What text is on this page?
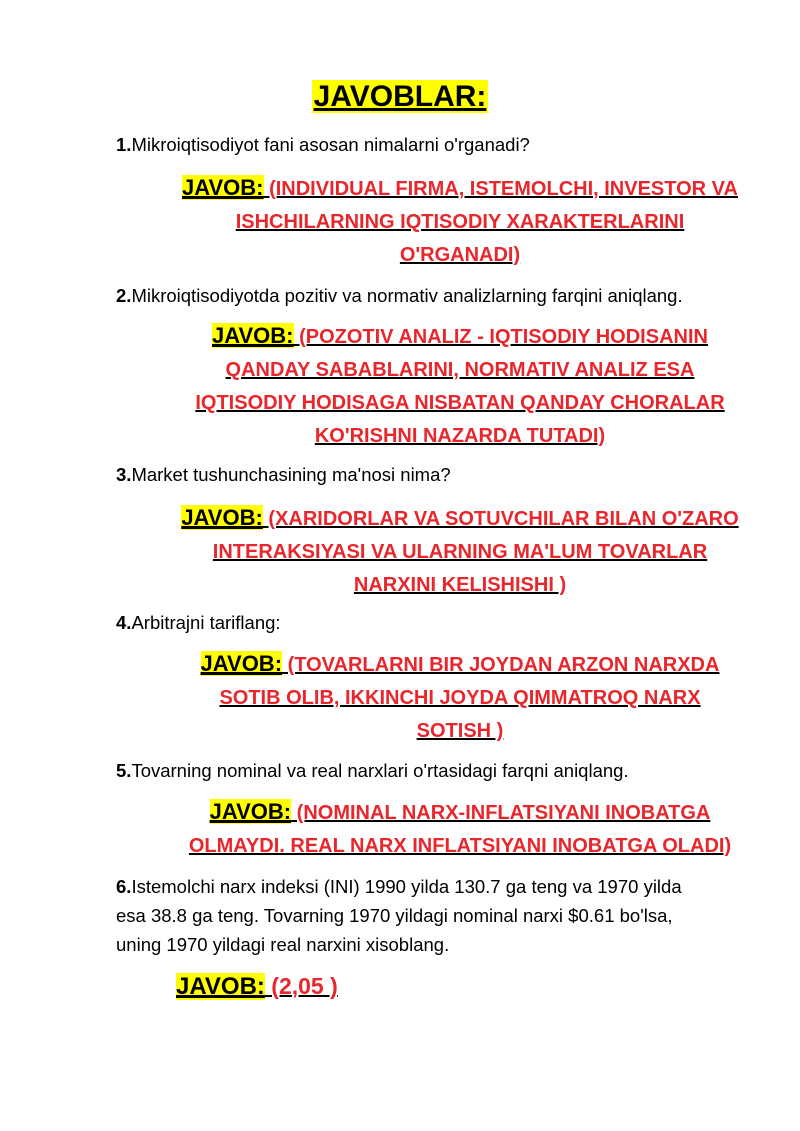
JAVOBLAR:
1.Mikroiqtisodiyot fani asosan nimalarni o'rganadi?
JAVOB: (INDIVIDUAL FIRMA, ISTEMOLCHI, INVESTOR VA ISHCHILARNING IQTISODIY XARAKTERLARINI O'RGANADI)
2.Mikroiqtisodiyotda pozitiv va normativ analizlarning farqini aniqlang.
JAVOB: (POZOTIV ANALIZ - IQTISODIY HODISANIN QANDAY SABABLARINI, NORMATIV ANALIZ ESA IQTISODIY HODISAGA NISBATAN QANDAY CHORALAR KO'RISHNI NAZARDA TUTADI)
3.Market tushunchasining ma'nosi nima?
JAVOB: (XARIDORLAR VA SOTUVCHILAR BILAN O'ZARO INTERAKSIYASI VA ULARNING MA'LUM TOVARLAR NARXINI KELISHISHI )
4.Arbitrajni tariflang:
JAVOB: (TOVARLARNI BIR JOYDAN ARZON NARXDA SOTIB OLIB, IKKINCHI JOYDA QIMMATROQ NARX SOTISH )
5.Tovarning nominal va real narxlari o'rtasidagi farqni aniqlang.
JAVOB: (NOMINAL NARX-INFLATSIYANI INOBATGA OLMAYDI. REAL NARX INFLATSIYANI INOBATGA OLADI)
6.Istemolchi narx indeksi (INI) 1990 yilda 130.7 ga teng va 1970 yilda esa 38.8 ga teng. Tovarning 1970 yildagi nominal narxi $0.61 bo'lsa, uning 1970 yildagi real narxini xisoblang.
JAVOB: (2,05 )
